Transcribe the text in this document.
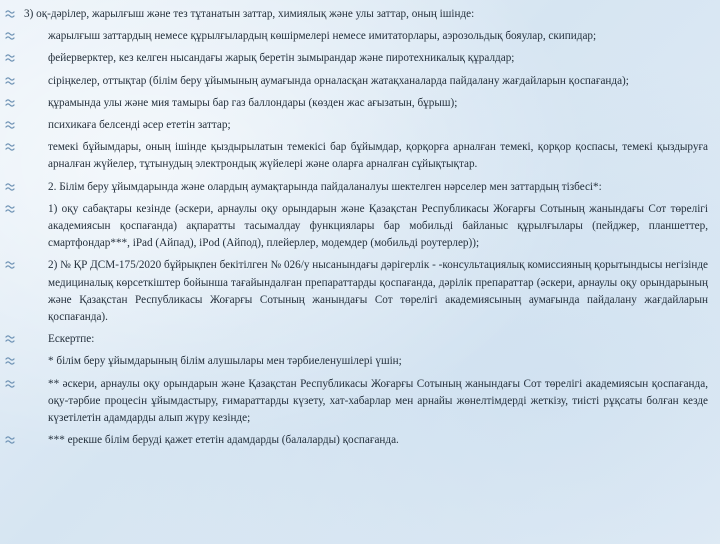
3) оқ-дәрілер, жарылғыш және тез тұтанатын заттар, химиялық және улы заттар, оның ішінде:
жарылғыш заттардың немесе құрылғылардың көшірмелері немесе имитаторлары, аэрозольдық бояулар, скипидар;
фейерверктер, кез келген нысандағы жарық беретін зымырандар және пиротехникалық құралдар;
сіріңкелер, оттықтар (білім беру ұйымының аумағында орналасқан жатақханаларда пайдалану жағдайларын қоспағанда);
құрамында улы және мия тамыры бар газ баллондары (көзден жас ағызатын, бұрыш);
психикаға белсенді әсер ететін заттар;
темекі бұйымдары, оның ішінде қыздырылатын темекісі бар бұйымдар, қорқорға арналған темекі, қорқор қоспасы, темекі қыздыруға арналған жүйелер, тұтынудың электрондық жүйелері және оларға арналған сұйықтықтар.
2. Білім беру ұйымдарында және олардың аумақтарында пайдаланалуы шектелген нәрселер мен заттардың тізбесі*:
1) оқу сабақтары кезінде (әскери, арнаулы оқу орындарын және Қазақстан Республикасы Жоғарғы Сотының жанындағы Сот төрелігі академиясын қоспағанда) ақпаратты тасымалдау функциялары бар мобильді байланыс құрылғылары (пейджер, планшеттер, смартфондар***, iPad (Айпад), iPod (Айпод), плейерлер, модемдер (мобильді роутерлер));
2) № ҚР ДСМ-175/2020 бұйрықпен бекітілген № 026/у нысанындағы дәрігерлік - -консультациялық комиссияның қорытындысы негізінде медициналық көрсеткіштер бойынша тағайындалған препараттарды қоспағанда, дәрілік препараттар (әскери, арнаулы оқу орындарының және Қазақстан Республикасы Жоғарғы Сотының жанындағы Сот төрелігі академиясының аумағында пайдалану жағдайларын қоспағанда).
Ескертпе:
* білім беру ұйымдарының білім алушылары мен тәрбиеленушілері үшін;
** әскери, арнаулы оқу орындарын және Қазақстан Республикасы Жоғарғы Сотының жанындағы Сот төрелігі академиясын қоспағанда, оқу-тәрбие процесін ұйымдастыру, ғимараттарды күзету, хат-хабарлар мен арнайы жөнелтімдерді жеткізу, тиісті рұқсаты болған кезде күзетілетін адамдарды алып жүру кезінде;
*** ерекше білім беруді қажет ететін адамдарды (балаларды) қоспағанда.
